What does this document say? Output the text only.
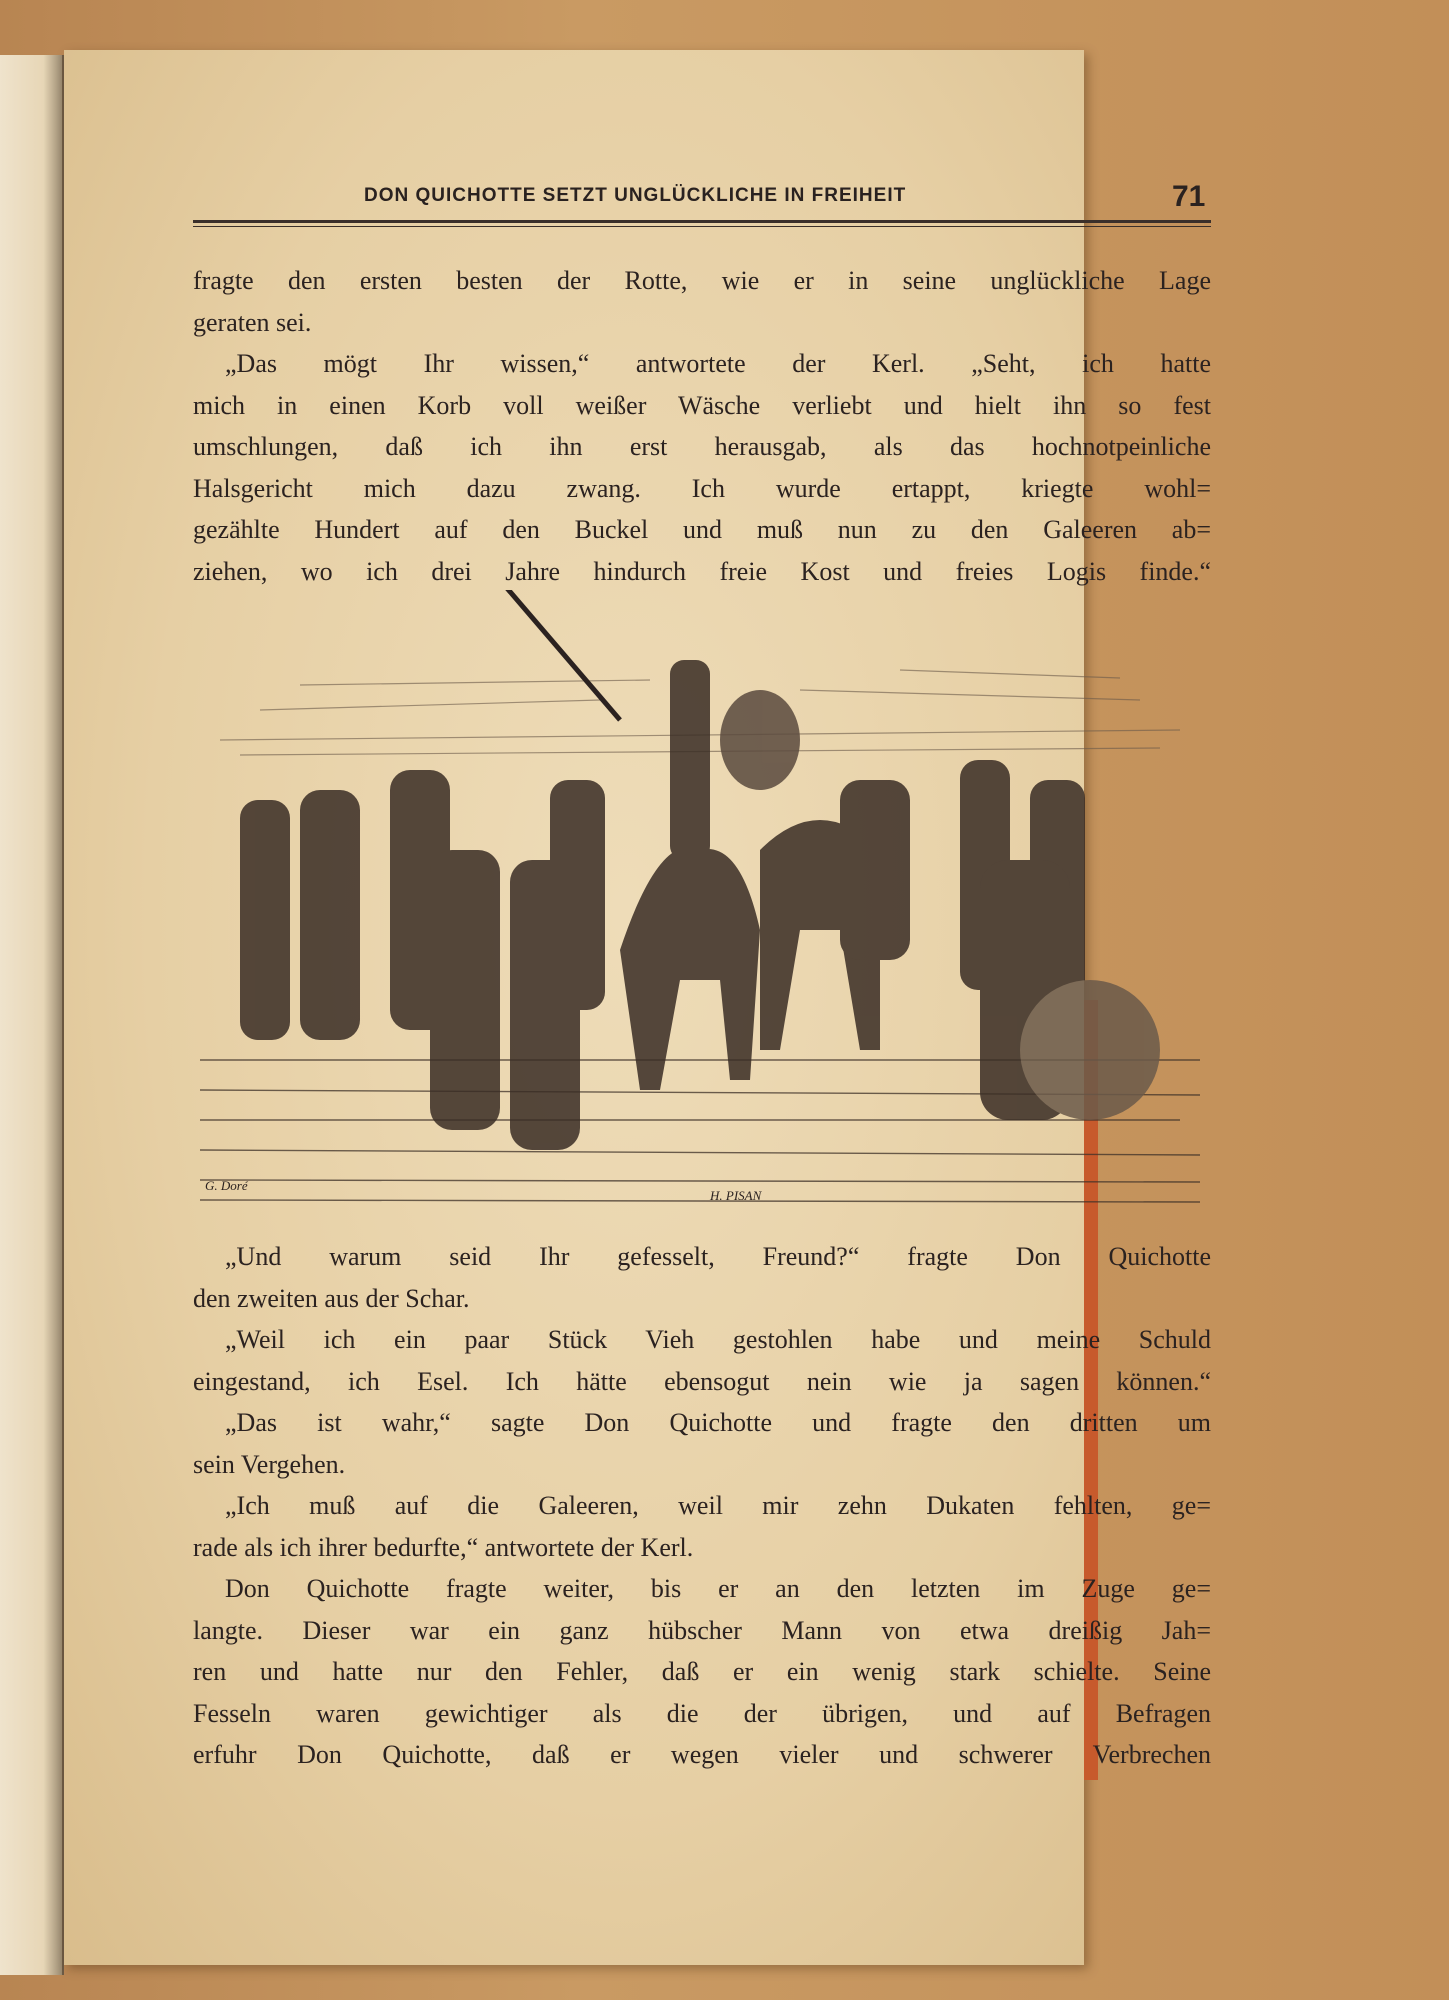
DON QUICHOTTE SETZT UNGLÜCKLICHE IN FREIHEIT	71
fragte den ersten besten der Rotte, wie er in seine unglückliche Lage
geraten sei.
„Das mögt Ihr wissen,“ antwortete der Kerl. „Seht, ich hatte
mich in einen Korb voll weißer Wäsche verliebt und hielt ihn so fest
umschlungen, daß ich ihn erst herausgab, als das hochnotpeinliche
Halsgericht mich dazu zwang. Ich wurde ertappt, kriegte wohl=
gezählte Hundert auf den Buckel und muß nun zu den Galeeren ab=
ziehen, wo ich drei Jahre hindurch freie Kost und freies Logis finde.“
G. Doré
H. PISAN
„Und warum seid Ihr gefesselt, Freund?“ fragte Don Quichotte
den zweiten aus der Schar.
„Weil ich ein paar Stück Vieh gestohlen habe und meine Schuld
eingestand, ich Esel. Ich hätte ebensogut nein wie ja sagen können.“
„Das ist wahr,“ sagte Don Quichotte und fragte den dritten um
sein Vergehen.
„Ich muß auf die Galeeren, weil mir zehn Dukaten fehlten, ge=
rade als ich ihrer bedurfte,“ antwortete der Kerl.
Don Quichotte fragte weiter, bis er an den letzten im Zuge ge=
langte. Dieser war ein ganz hübscher Mann von etwa dreißig Jah=
ren und hatte nur den Fehler, daß er ein wenig stark schielte. Seine
Fesseln waren gewichtiger als die der übrigen, und auf Befragen
erfuhr Don Quichotte, daß er wegen vieler und schwerer Verbrechen
